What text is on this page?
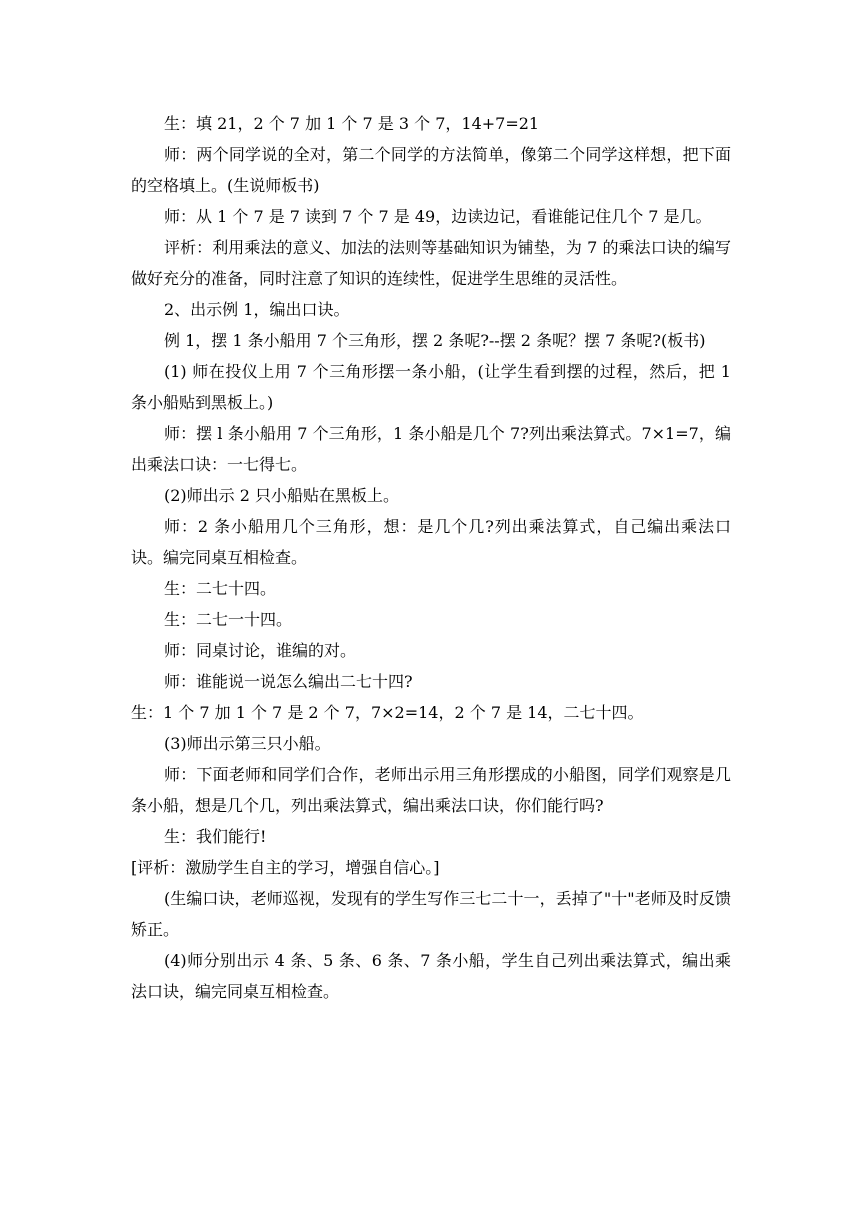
生：填 21，2 个 7 加 1 个 7 是 3 个 7，14+7=21

师：两个同学说的全对，第二个同学的方法简单，像第二个同学这样想，把下面的空格填上。(生说师板书)

师：从 1 个 7 是 7 读到 7 个 7 是 49，边读边记，看谁能记住几个 7 是几。

评析：利用乘法的意义、加法的法则等基础知识为铺垫，为 7 的乘法口诀的编写做好充分的准备，同时注意了知识的连续性，促进学生思维的灵活性。

2、出示例 1，编出口诀。

例 1，摆 1 条小船用 7 个三角形，摆 2 条呢?--摆 2 条呢？摆 7 条呢?(板书)

(1) 师在投仪上用 7 个三角形摆一条小船，(让学生看到摆的过程，然后，把 1 条小船贴到黑板上。)

师：摆 l 条小船用 7 个三角形，1 条小船是几个 7?列出乘法算式。7×1=7，编出乘法口诀：一七得七。

(2)师出示 2 只小船贴在黑板上。

师：2 条小船用几个三角形，想：是几个几?列出乘法算式，自己编出乘法口诀。编完同桌互相检查。

生：二七十四。

生：二七一十四。

师：同桌讨论，谁编的对。

师：谁能说一说怎么编出二七十四?

生：1 个 7 加 1 个 7 是 2 个 7，7×2=14，2 个 7 是 14，二七十四。

(3)师出示第三只小船。

师：下面老师和同学们合作，老师出示用三角形摆成的小船图，同学们观察是几条小船，想是几个几，列出乘法算式，编出乘法口诀，你们能行吗?

生：我们能行!

[评析：激励学生自主的学习，增强自信心。]

(生编口诀，老师巡视，发现有的学生写作三七二十一，丢掉了"十"老师及时反馈矫正。

(4)师分别出示 4 条、5 条、6 条、7 条小船，学生自己列出乘法算式，编出乘法口诀，编完同桌互相检查。
